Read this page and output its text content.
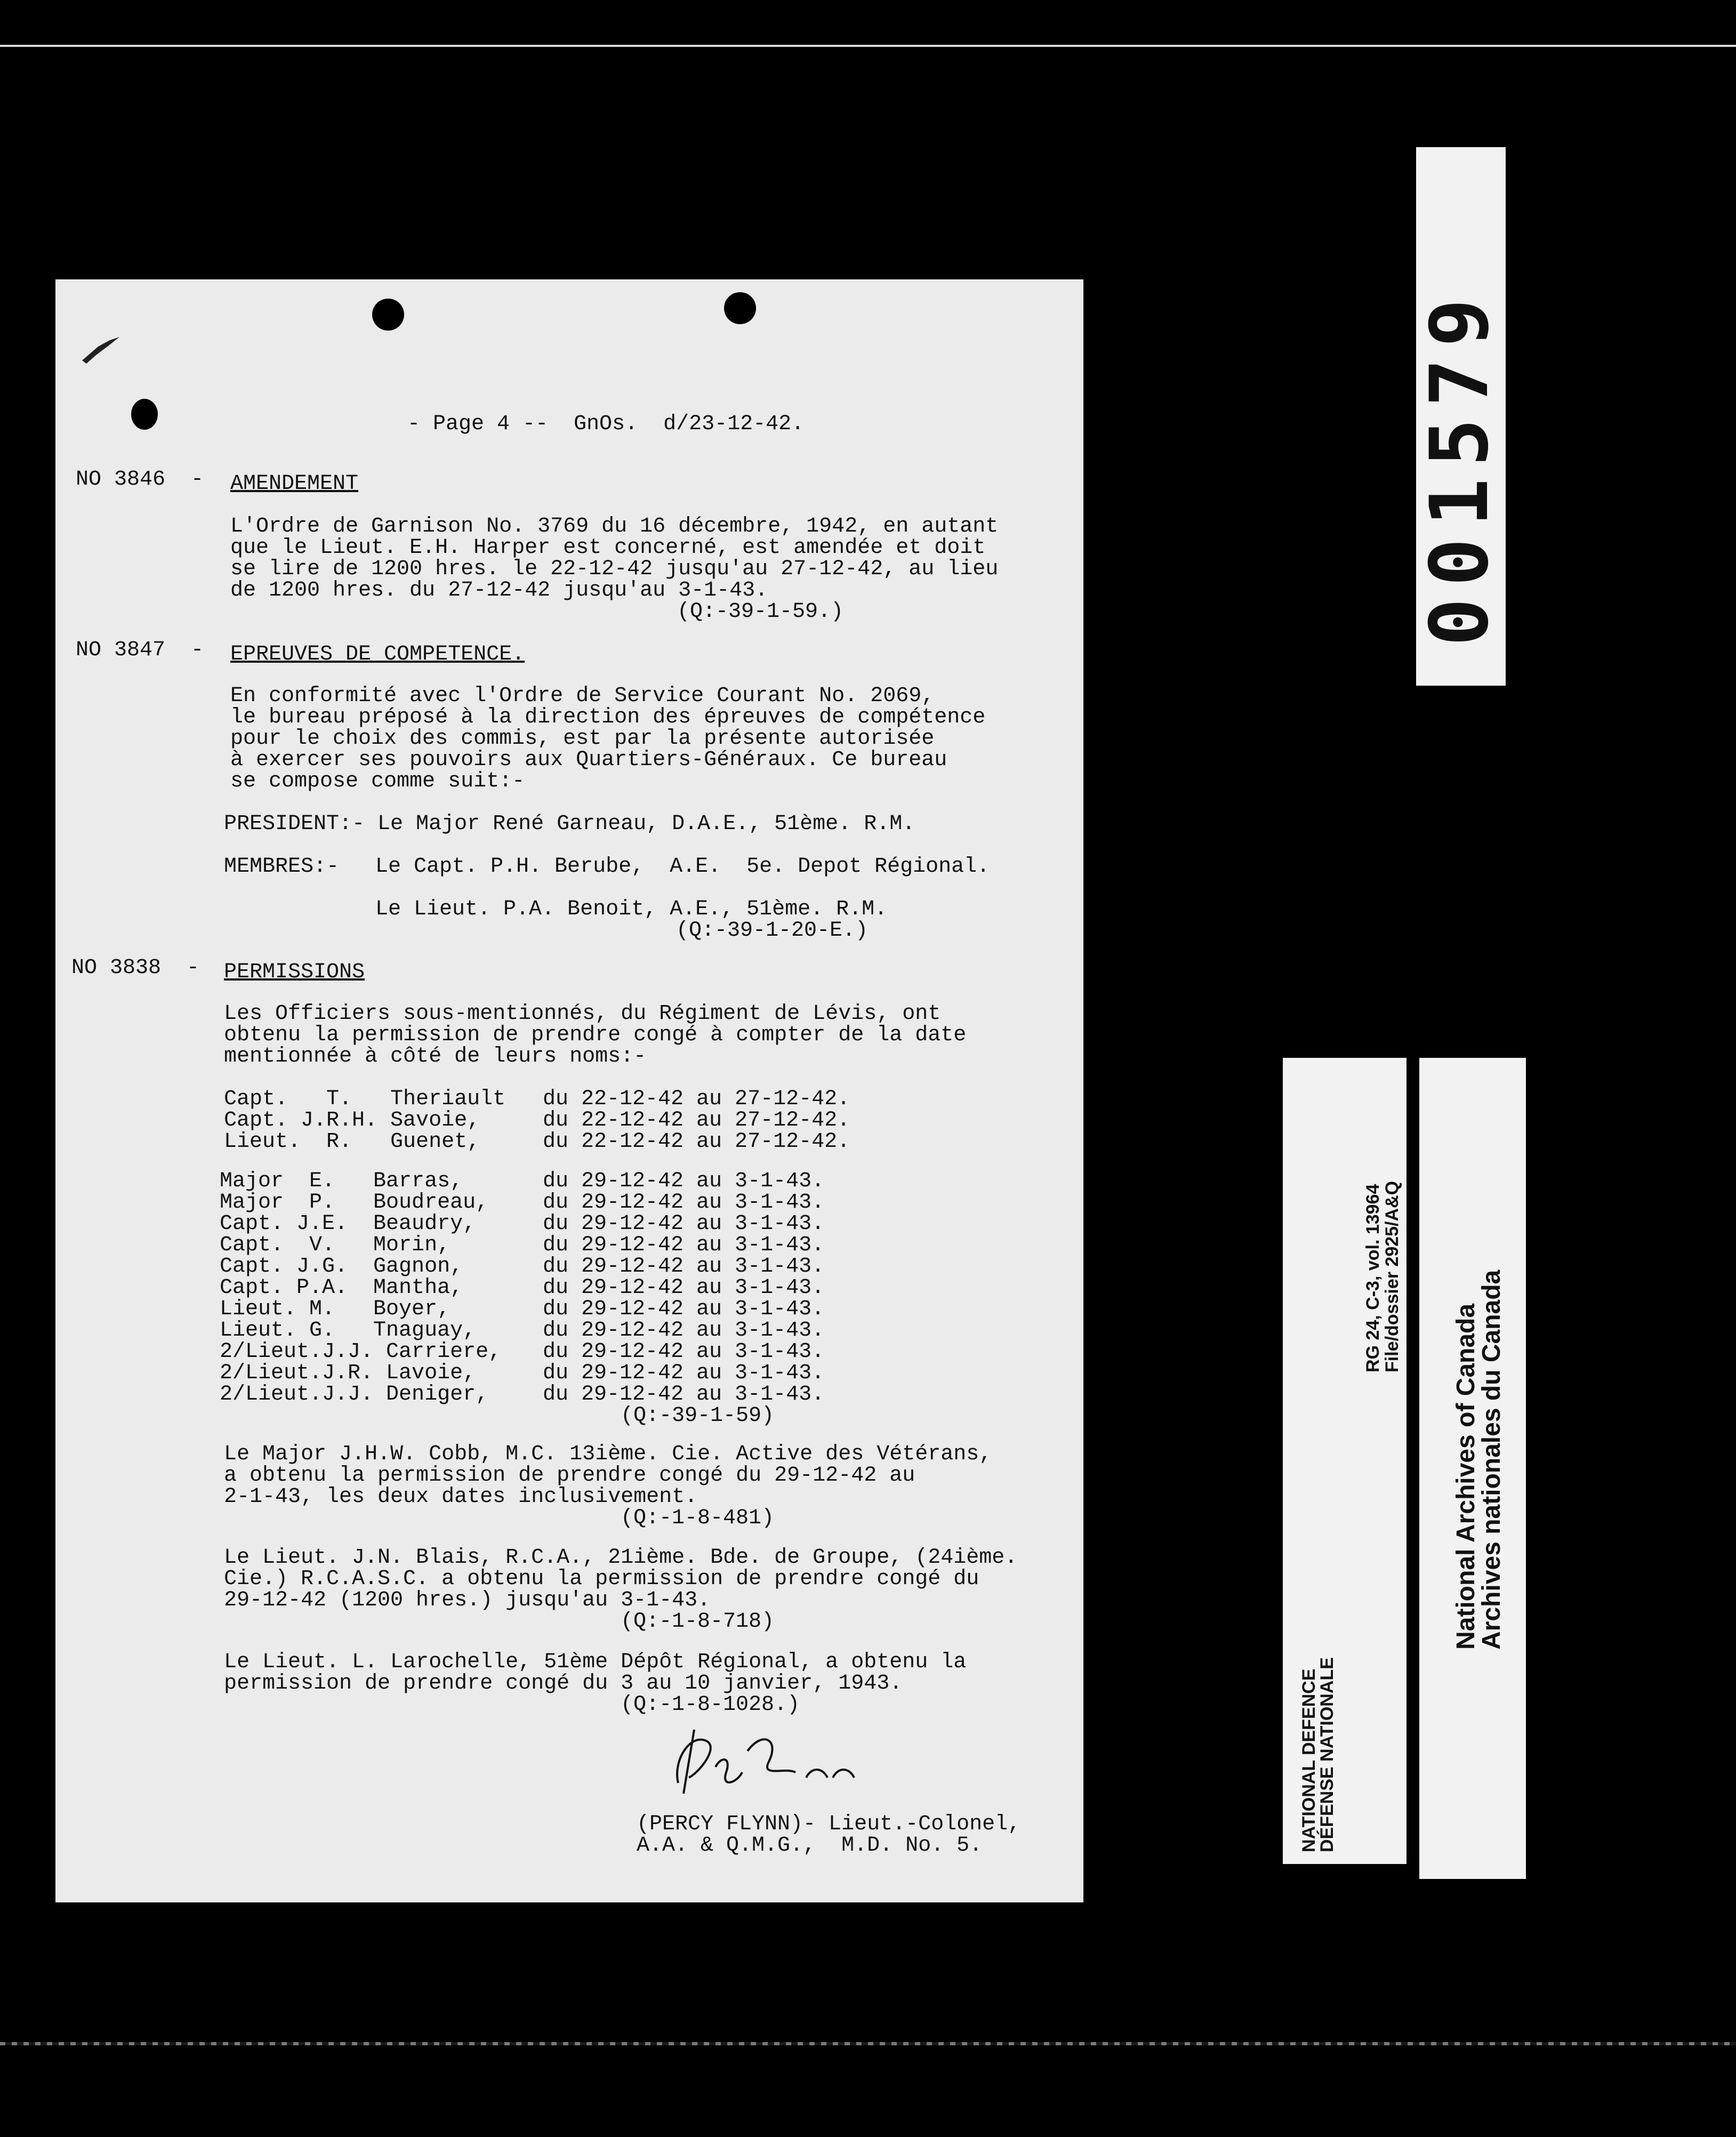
- Page 4 --  GnOs.  d/23-12-42.
NO 3846  - AMENDEMENT
L'Ordre de Garnison No. 3769 du 16 décembre, 1942, en autant
que le Lieut. E.H. Harper est concerné, est amendée et doit
se lire de 1200 hres. le 22-12-42 jusqu'au 27-12-42, au lieu
de 1200 hres. du 27-12-42 jusqu'au 3-1-43.
(Q:-39-1-59.)
NO 3847  - EPREUVES DE COMPETENCE.
En conformité avec l'Ordre de Service Courant No. 2069,
le bureau préposé à la direction des épreuves de compétence
pour le choix des commis, est par la présente autorisée
à exercer ses pouvoirs aux Quartiers-Généraux. Ce bureau
se compose comme suit:-
PRESIDENT:- Le Major René Garneau, D.A.E., 51ème. R.M.
MEMBRES:- Le Capt. P.H. Berube,  A.E.  5e. Depot Régional.
Le Lieut. P.A. Benoit, A.E., 51ème. R.M.
(Q:-39-1-20-E.)
NO 3838  - PERMISSIONS
Les Officiers sous-mentionnés, du Régiment de Lévis, ont
obtenu la permission de prendre congé à compter de la date
mentionnée à côté de leurs noms:-
Capt.   T.   Theriault du 22-12-42 au 27-12-42.
Capt. J.R.H. Savoie,	du 22-12-42 au 27-12-42.
Lieut.  R.   Guenet,	du 22-12-42 au 27-12-42.
Major  E.   Barras,	du 29-12-42 au 3-1-43.
Major  P.   Boudreau,	du 29-12-42 au 3-1-43.
Capt. J.E.  Beaudry,	du 29-12-42 au 3-1-43.
Capt.  V.   Morin,	du 29-12-42 au 3-1-43.
Capt. J.G.  Gagnon,	du 29-12-42 au 3-1-43.
Capt. P.A.  Mantha,	du 29-12-42 au 3-1-43.
Lieut. M.   Boyer,	du 29-12-42 au 3-1-43.
Lieut. G.   Tnaguay,	du 29-12-42 au 3-1-43.
2/Lieut.J.J. Carriere, du 29-12-42 au 3-1-43.
2/Lieut.J.R. Lavoie,	du 29-12-42 au 3-1-43.
2/Lieut.J.J. Deniger,	du 29-12-42 au 3-1-43.
(Q:-39-1-59)
Le Major J.H.W. Cobb, M.C. 13ième. Cie. Active des Vétérans,
a obtenu la permission de prendre congé du 29-12-42 au
2-1-43, les deux dates inclusivement.
(Q:-1-8-481)
Le Lieut. J.N. Blais, R.C.A., 21ième. Bde. de Groupe, (24ième.
Cie.) R.C.A.S.C. a obtenu la permission de prendre congé du
29-12-42 (1200 hres.) jusqu'au 3-1-43.
(Q:-1-8-718)
Le Lieut. L. Larochelle, 51ème Dépôt Régional, a obtenu la
permission de prendre congé du 3 au 10 janvier, 1943.
(Q:-1-8-1028.)
(PERCY FLYNN)- Lieut.-Colonel,
A.A. & Q.M.G.,  M.D. No. 5.
001579
NATIONAL DEFENCE
DÉFENSE NATIONALE
RG 24, C-3, vol. 13964
File/dossier 2925/A&Q
National Archives of Canada
Archives nationales du Canada
